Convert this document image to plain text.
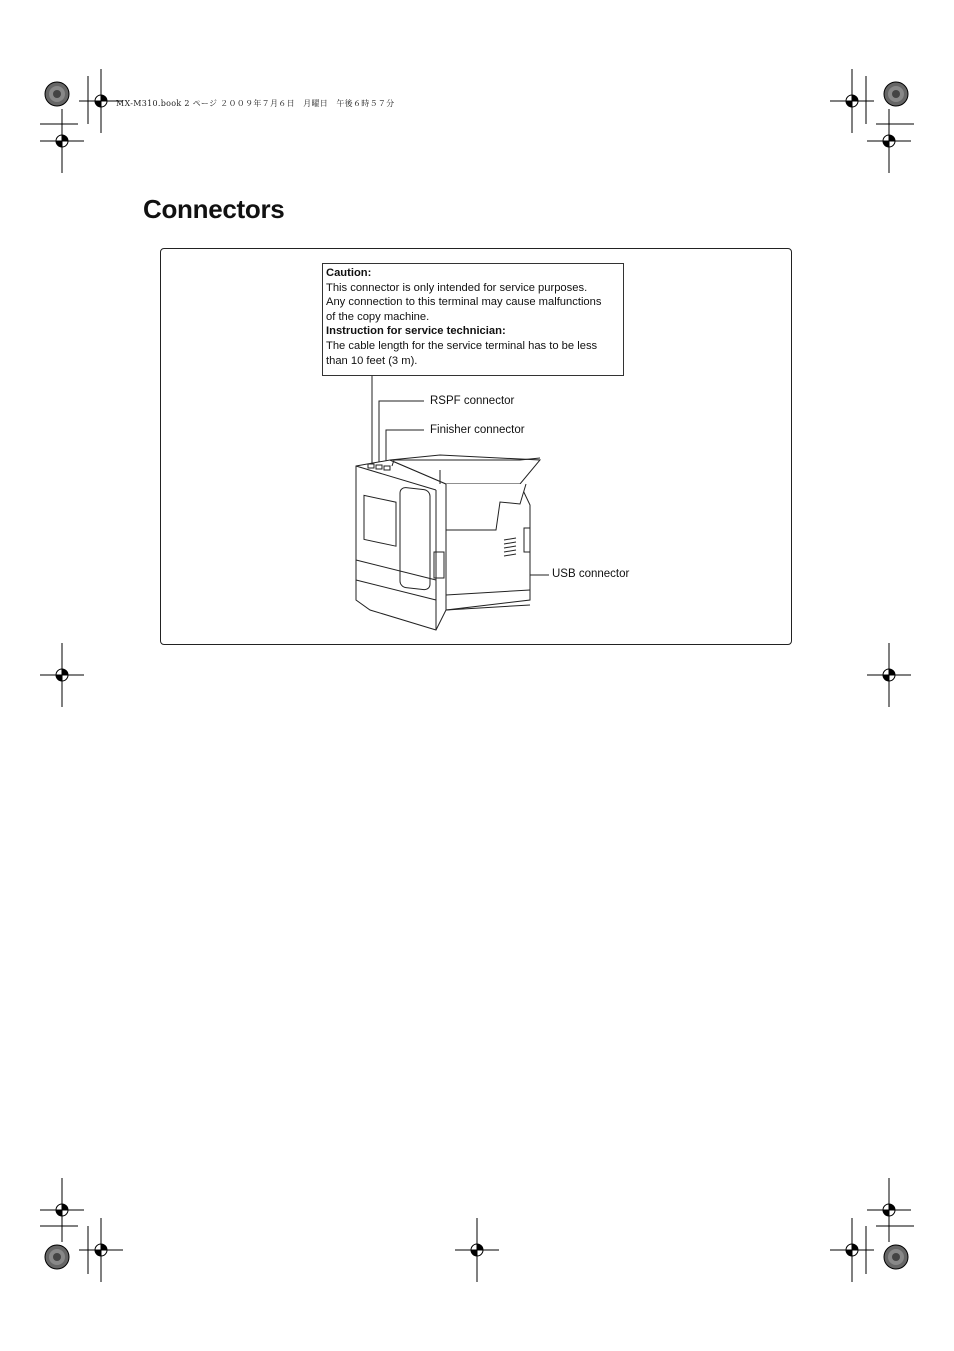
MX-M310.book 2 ページ ２００９年７月６日　月曜日　午後６時５７分
Connectors
Caution:
This connector is only intended for service purposes.
Any connection to this terminal may cause malfunctions
of the copy machine.
Instruction for service technician:
The cable length for the service terminal has to be less
than 10 feet (3 m).
RSPF connector
Finisher connector
USB connector
